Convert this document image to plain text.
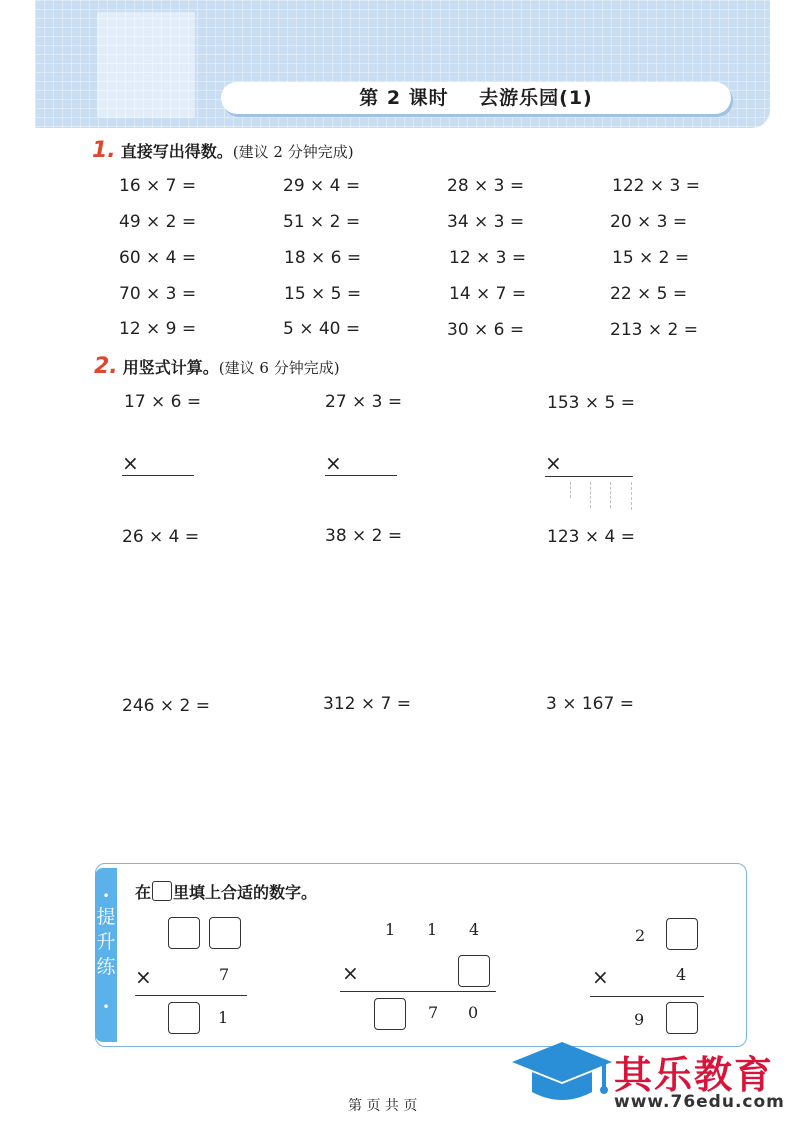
第 2 课时 去游乐园(1)
1. 直接写出得数。(建议 2 分钟完成)
16 × 7 =	29 × 4 =	28 × 3 =	122 × 3 =
49 × 2 =	51 × 2 =	34 × 3 =	20 × 3 =
60 × 4 =	18 × 6 =	12 × 3 =	15 × 2 =
70 × 3 =	15 × 5 =	14 × 7 =	22 × 5 =
12 × 9 =	5 × 40 =	30 × 6 =	213 × 2 =
2. 用竖式计算。(建议 6 分钟完成)
17 × 6 =	27 × 3 =	153 × 5 =
×	×	×
26 × 4 =	38 × 2 =	123 × 4 =
246 × 2 =	312 × 7 =	3 × 167 =
•
提
升
练
•
在 里填上合适的数字。
×	7
1
1 1 4
×
7 0
2
×	4
9
其乐教育
www.76edu.com
第 页 共 页
